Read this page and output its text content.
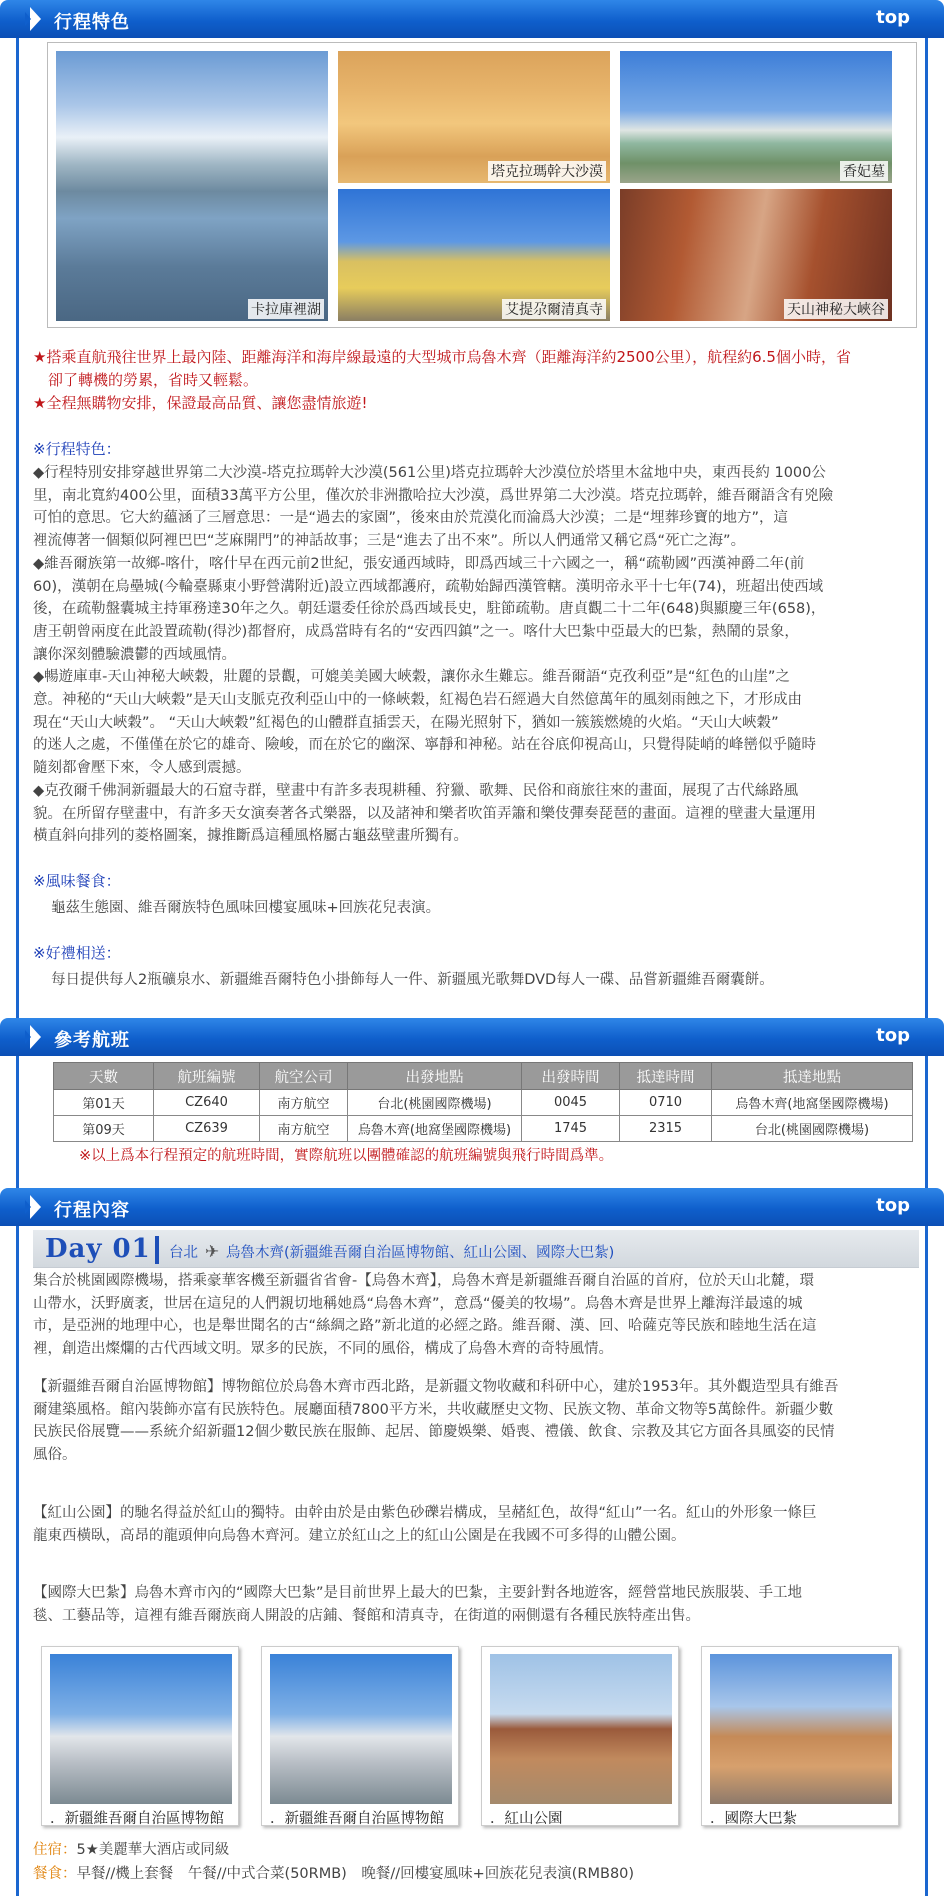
行程特色	top
卡拉庫裡湖
塔克拉瑪幹大沙漠	香妃墓
艾提尕爾清真寺	天山神秘大峽谷
★搭乘直航飛往世界上最內陸、距離海洋和海岸線最遠的大型城市烏魯木齊（距離海洋約2500公里），航程約6.5個小時，省
　卻了轉機的勞累，省時又輕鬆。
★全程無購物安排，保證最高品質、讓您盡情旅遊!
※行程特色：
◆行程特別安排穿越世界第二大沙漠-塔克拉瑪幹大沙漠(561公里)塔克拉瑪幹大沙漠位於塔里木盆地中央，東西長約 1000公
里，南北寬約400公里，面積33萬平方公里，僅次於非洲撒哈拉大沙漠，爲世界第二大沙漠。塔克拉瑪幹，維吾爾語含有兇險
可怕的意思。它大約蘊涵了三層意思：一是“過去的家園”，後來由於荒漠化而淪爲大沙漠；二是“埋葬珍寶的地方”，這
裡流傳著一個類似阿裡巴巴“芝麻開門”的神話故事；三是“進去了出不來”。所以人們通常又稱它爲“死亡之海”。
◆維吾爾族第一故鄉-喀什，喀什早在西元前2世紀，張安通西域時，即爲西域三十六國之一，稱“疏勒國”西漢神爵二年(前
60)，漢朝在烏壘城(今輪臺縣東小野營溝附近)設立西域都護府，疏勒始歸西漢管轄。漢明帝永平十七年(74)，班超出使西域
後，在疏勒盤囊城主持軍務達30年之久。朝廷還委任徐於爲西域長史，駐節疏勒。唐貞觀二十二年(648)與顯慶三年(658)，
唐王朝曾兩度在此設置疏勒(得沙)都督府，成爲當時有名的“安西四鎮”之一。喀什大巴紮中亞最大的巴紮，熱鬧的景象，
讓你深刻體驗濃鬱的西域風情。
◆暢遊庫車-天山神秘大峽穀，壯麗的景觀，可媲美美國大峽穀，讓你永生難忘。維吾爾語“克孜利亞”是“紅色的山崖”之
意。神秘的“天山大峽穀”是天山支脈克孜利亞山中的一條峽穀，紅褐色岩石經過大自然億萬年的風刻雨蝕之下，才形成由
現在“天山大峽穀”。 “天山大峽穀”紅褐色的山體群直插雲天，在陽光照射下，猶如一簇簇燃燒的火焰。“天山大峽穀”
的迷人之處，不僅僅在於它的雄奇、險峻，而在於它的幽深、寧靜和神秘。站在谷底仰視高山，只覺得陡峭的峰巒似乎隨時
隨刻都會壓下來，令人感到震撼。
◆克孜爾千佛洞新疆最大的石窟寺群，壁畫中有許多表現耕種、狩獵、歌舞、民俗和商旅往來的畫面，展現了古代絲路風
貌。在所留存壁畫中，有許多天女演奏著各式樂器，以及諸神和樂者吹笛弄簫和樂伎彈奏琵琶的畫面。這裡的壁畫大量運用
橫直斜向排列的菱格圖案，據推斷爲這種風格屬古龜茲壁畫所獨有。
※風味餐食：
龜茲生態園、維吾爾族特色風味回樓宴風味+回族花兒表演。
※好禮相送：
每日提供每人2瓶礦泉水、新疆維吾爾特色小掛飾每人一件、新疆風光歌舞DVD每人一碟、品嘗新疆維吾爾囊餅。
參考航班	top
天數	航班編號	航空公司	出發地點	出發時間	抵達時間	抵達地點
第01天	CZ640	南方航空	台北(桃園國際機場)	0045	0710	烏魯木齊(地窩堡國際機場)
第09天	CZ639	南方航空	烏魯木齊(地窩堡國際機場)	1745	2315	台北(桃園國際機場)
※以上爲本行程預定的航班時間，實際航班以團體確認的航班編號與飛行時間爲準。
行程內容	top
Day 01 台北 ✈ 烏魯木齊(新疆維吾爾自治區博物館、紅山公園、國際大巴紮)
集合於桃園國際機場，搭乘豪華客機至新疆省省會-【烏魯木齊】，烏魯木齊是新疆維吾爾自治區的首府，位於天山北麓，環
山帶水，沃野廣袤，世居在這兒的人們親切地稱她爲“烏魯木齊”，意爲“優美的牧場”。烏魯木齊是世界上離海洋最遠的城
市，是亞洲的地理中心，也是舉世聞名的古“絲綢之路”新北道的必經之路。維吾爾、漢、回、哈薩克等民族和睦地生活在這
裡，創造出燦爛的古代西域文明。眾多的民族，不同的風俗，構成了烏魯木齊的奇特風情。
【新疆維吾爾自治區博物館】博物館位於烏魯木齊市西北路，是新疆文物收藏和科研中心，建於1953年。其外觀造型具有維吾
爾建築風格。館內裝飾亦富有民族特色。展廳面積7800平方米，共收藏歷史文物、民族文物、革命文物等5萬餘件。新疆少數
民族民俗展覽——系統介紹新疆12個少數民族在服飾、起居、節慶娛樂、婚喪、禮儀、飲食、宗教及其它方面各具風姿的民情
風俗。
【紅山公園】的馳名得益於紅山的獨特。由幹由於是由紫色砂礫岩構成，呈赭紅色，故得“紅山”一名。紅山的外形象一條巨
龍東西橫臥，高昂的龍頭伸向烏魯木齊河。建立於紅山之上的紅山公園是在我國不可多得的山體公園。
【國際大巴紮】烏魯木齊市內的“國際大巴紮”是目前世界上最大的巴紮，主要針對各地遊客，經營當地民族服裝、手工地
毯、工藝品等，這裡有維吾爾族商人開設的店鋪、餐館和清真寺，在街道的兩側還有各種民族特產出售。
．新疆維吾爾自治區博物館	．新疆維吾爾自治區博物館	．紅山公園	．國際大巴紮
住宿：5★美麗華大酒店或同級
餐食：早餐//機上套餐　午餐//中式合菜(50RMB)　晚餐//回樓宴風味+回族花兒表演(RMB80)
